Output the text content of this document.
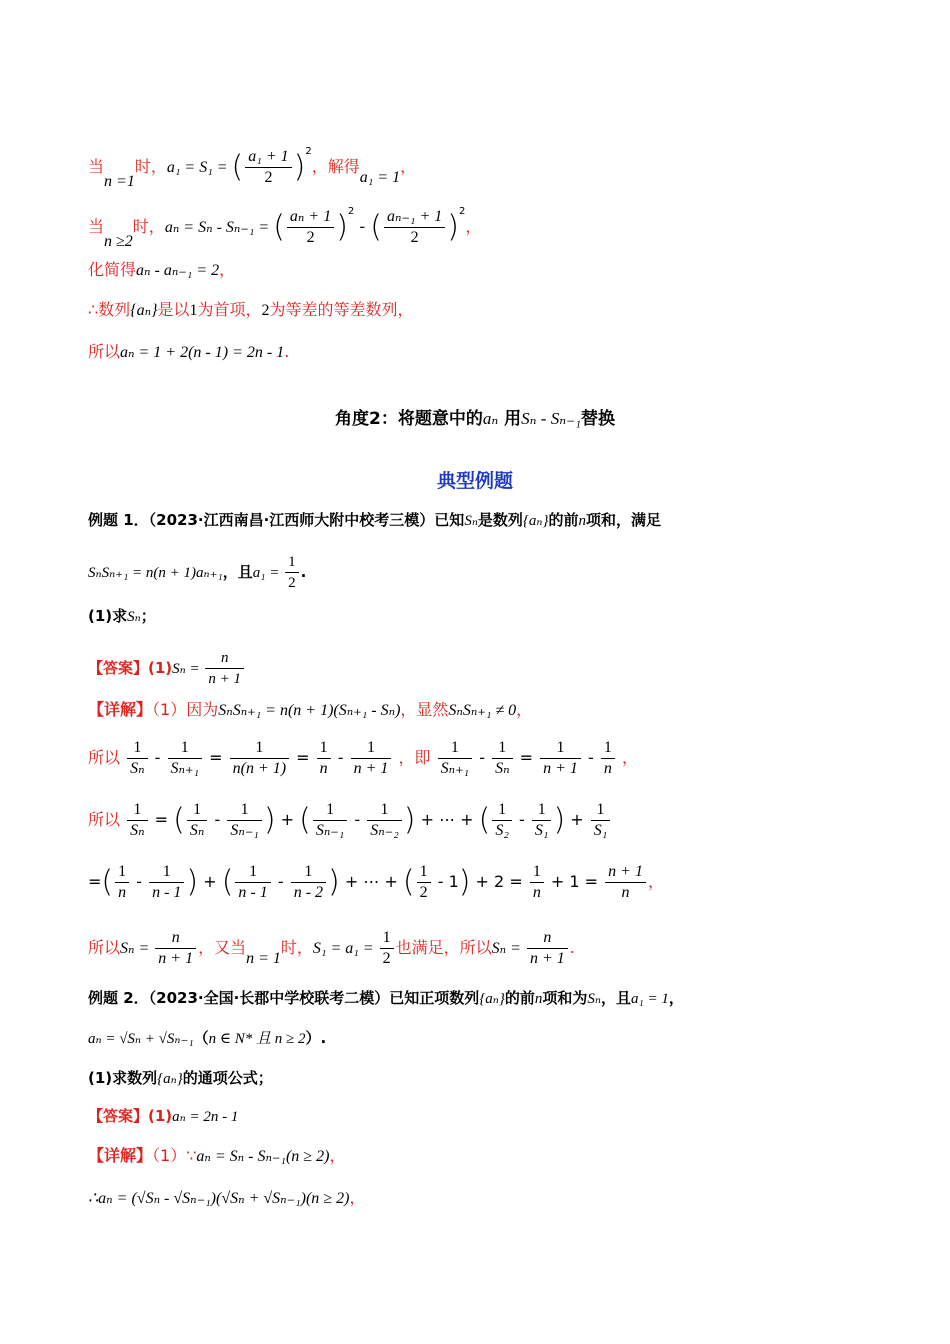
当n =1时，a₁ = S₁ = ( $\frac{\text{a₁ + 1}}{2} )^2$，解得a₁ = 1，
当n ≥2时，aₙ = Sₙ - Sₙ₋₁ = ( $\frac{\text{aₙ + 1}}{2} )^2$ - ( $\frac{\text{aₙ₋₁ + 1}}{2} )^2$，
化简得aₙ - aₙ₋₁ = 2，
∴数列{aₙ}是以1为首项，2为等差的等差数列，
所以aₙ = 1 + 2(n - 1) = 2n - 1.
角度2：将题意中的aₙ 用Sₙ - Sₙ₋₁替换
典型例题
例题 1．（2023·江西南昌·江西师大附中校考三模）已知Sₙ是数列{aₙ}的前n项和，满足
SₙSₙ₊₁ = n(n + 1)aₙ₊₁，且$a_1 = \frac{1}{2}$ .
(1)求Sₙ；
【答案】$(1)S_n = \frac{n}{n + 1}$
【详解】（1）因为SₙSₙ₊₁ = n(n + 1)(Sₙ₊₁ - Sₙ)，显然SₙSₙ₊₁ ≠ 0，
所以 $\frac{1}{\text{Sₙ}} - \frac{1}{\text{Sₙ₊₁}} = \frac{1}{n(n + 1)} = \frac{1}{n} - \frac{1}{n + 1}$ ，即 $\frac{1}{\text{Sₙ₊₁}} - \frac{1}{\text{Sₙ}} = \frac{1}{n + 1} - \frac{1}{n}$ ，
所以 $\frac{1}{\text{Sₙ}}$ = ( $\frac{1}{\text{Sₙ}} - \frac{1}{\text{Sₙ₋₁}}$ ) + ( $\frac{1}{\text{Sₙ₋₁}} - \frac{1}{\text{Sₙ₋₂}}$ ) + ⋯ + ( $\frac{1}{\text{S₂}} - \frac{1}{\text{S₁}}$ ) + $\frac{1}{\text{S₁}}$
=( $\frac{1}{n} - \frac{1}{n - 1}$ ) + ( $\frac{1}{n - 1} - \frac{1}{n - 2}$ ) + ⋯ + ( $\frac{1}{2} - 1) + 2 = \frac{1}{n} + 1 = \frac{n + 1}{n}$ ，
所以$S_n = \frac{n}{n + 1}$ ，又当n = 1时，$S_1 = a_1 = \frac{1}{2}$ 也满足，所以$S_n = \frac{n}{n + 1}$ .
例题 2．（2023·全国·长郡中学校联考二模）已知正项数列{aₙ}的前n项和为Sₙ，且a₁ = 1，
aₙ = √Sₙ + √Sₙ₋₁（n ∈ N* 且 n ≥ 2）.
(1)求数列{aₙ}的通项公式；
【答案】(1)aₙ = 2n - 1
【详解】（1）∵aₙ = Sₙ - Sₙ₋₁(n ≥ 2)，
∴aₙ = (√Sₙ - √Sₙ₋₁)(√Sₙ + √Sₙ₋₁)(n ≥ 2)，
